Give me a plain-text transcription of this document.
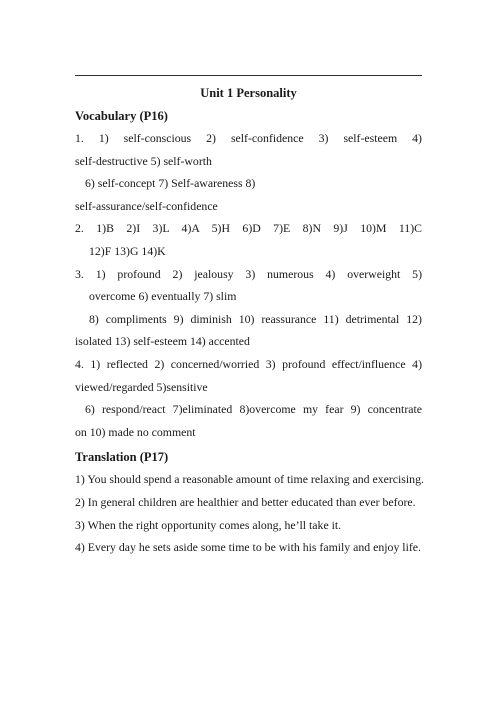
Unit 1 Personality
Vocabulary (P16)
1. 1) self-conscious 2) self-confidence 3) self-esteem 4)
self-destructive 5) self-worth
6) self-concept 7) Self-awareness 8)
self-assurance/self-confidence
2. 1)B 2)I 3)L 4)A 5)H 6)D 7)E 8)N 9)J 10)M 11)C
12)F 13)G 14)K
3. 1) profound 2) jealousy 3) numerous 4) overweight 5)
overcome 6) eventually 7) slim
8) compliments 9) diminish 10) reassurance 11) detrimental 12)
isolated 13) self-esteem 14) accented
4. 1) reflected 2) concerned/worried 3) profound effect/influence 4)
viewed/regarded 5)sensitive
6) respond/react 7)eliminated 8)overcome my fear 9) concentrate
on 10) made no comment
Translation (P17)
1) You should spend a reasonable amount of time relaxing and exercising.
2) In general children are healthier and better educated than ever before.
3) When the right opportunity comes along, he’ll take it.
4) Every day he sets aside some time to be with his family and enjoy life.
